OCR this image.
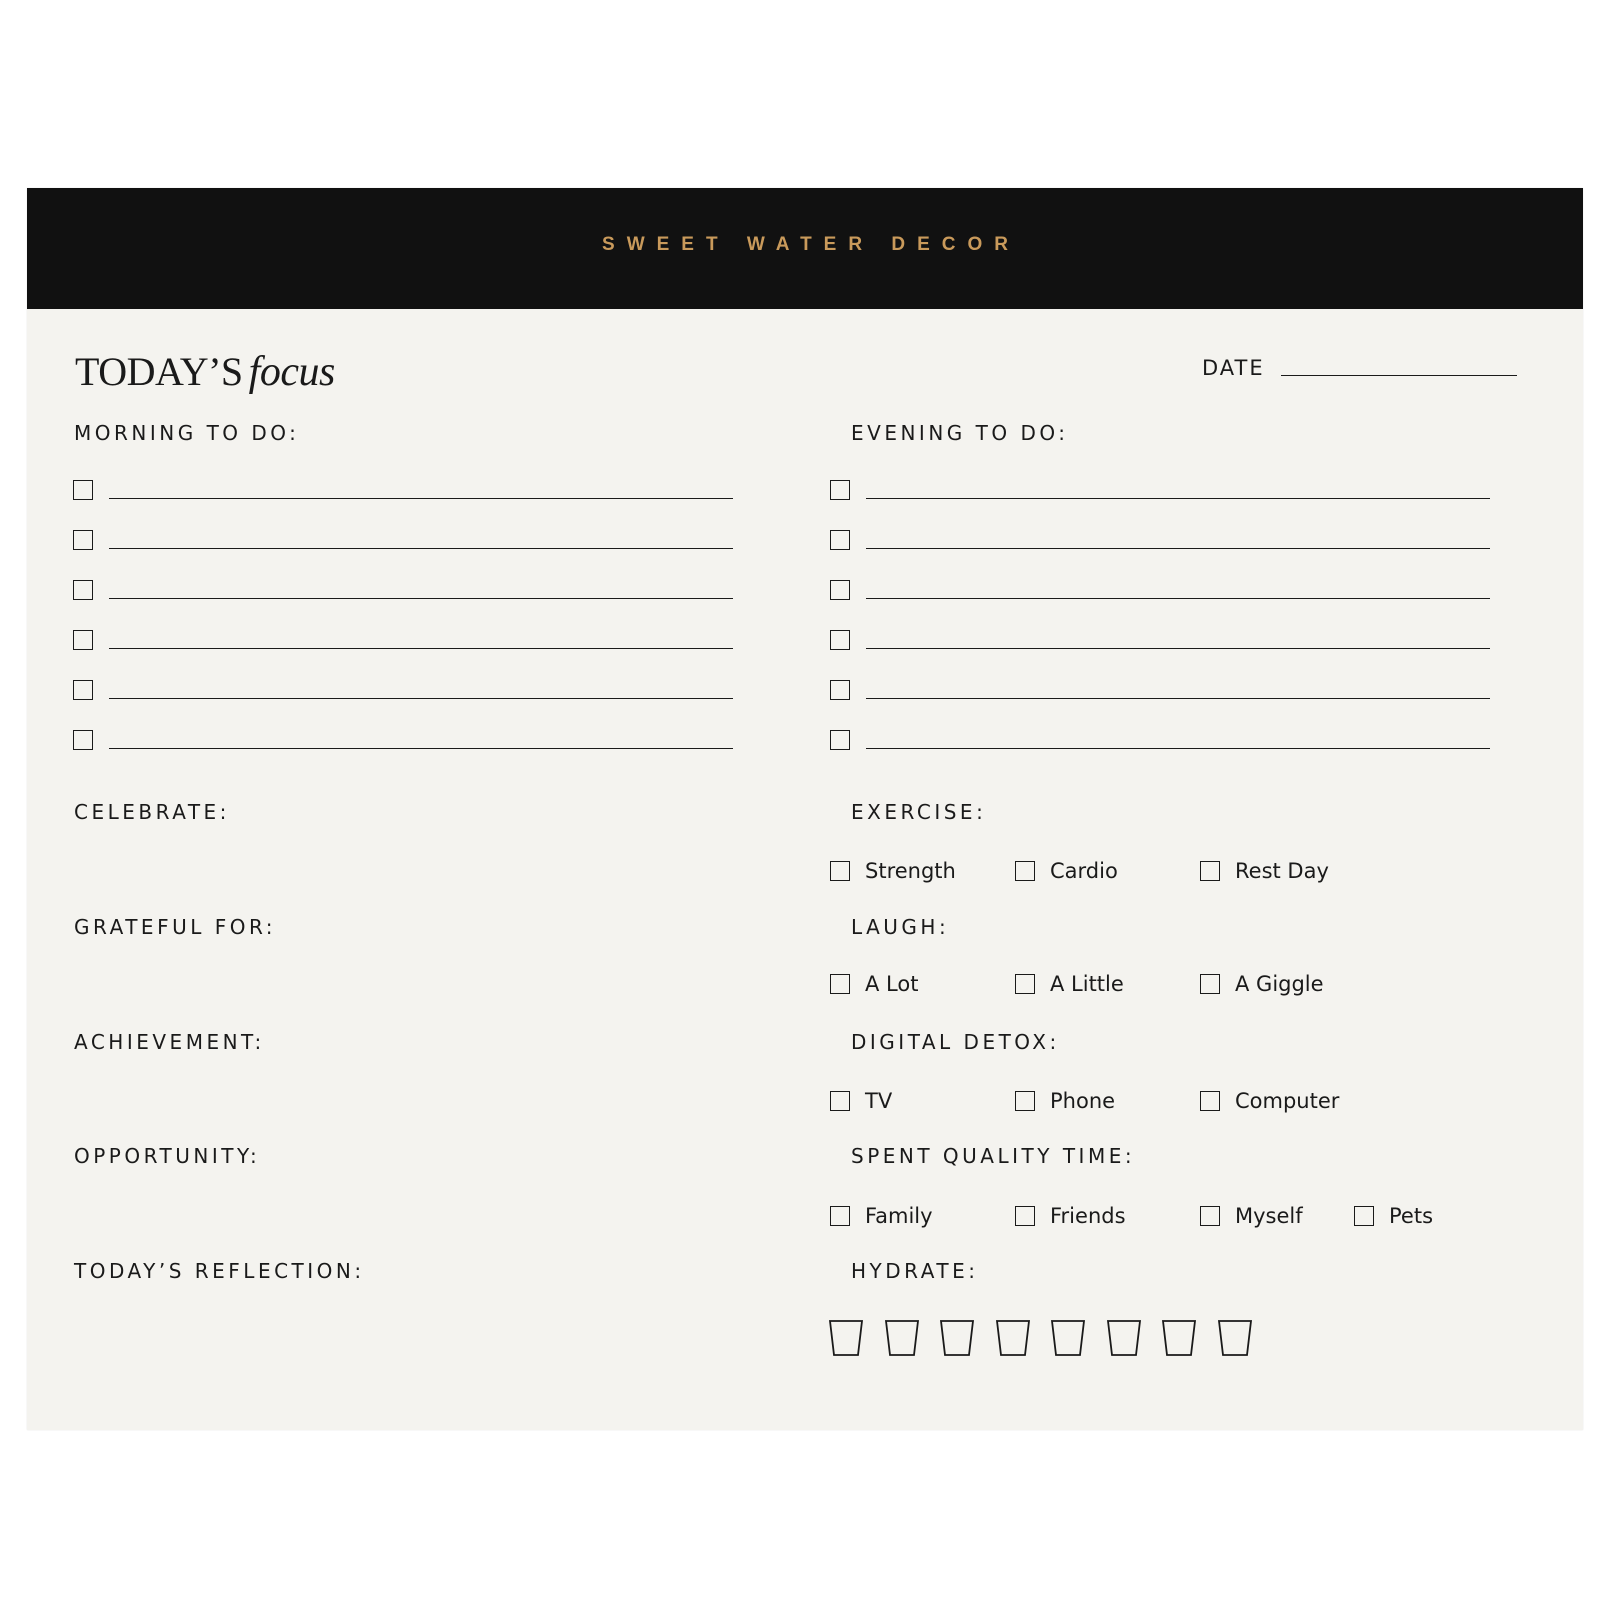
SWEET WATER DECOR
TODAY’S focus	DATE
MORNING TO DO:	EVENING TO DO:
CELEBRATE:
GRATEFUL FOR:
ACHIEVEMENT:
OPPORTUNITY:
TODAY’S REFLECTION:
EXERCISE:
Strength	Cardio	Rest Day
LAUGH:
A Lot	A Little	A Giggle
DIGITAL DETOX:
TV	Phone	Computer
SPENT QUALITY TIME:
Family	Friends	Myself	Pets
HYDRATE:
